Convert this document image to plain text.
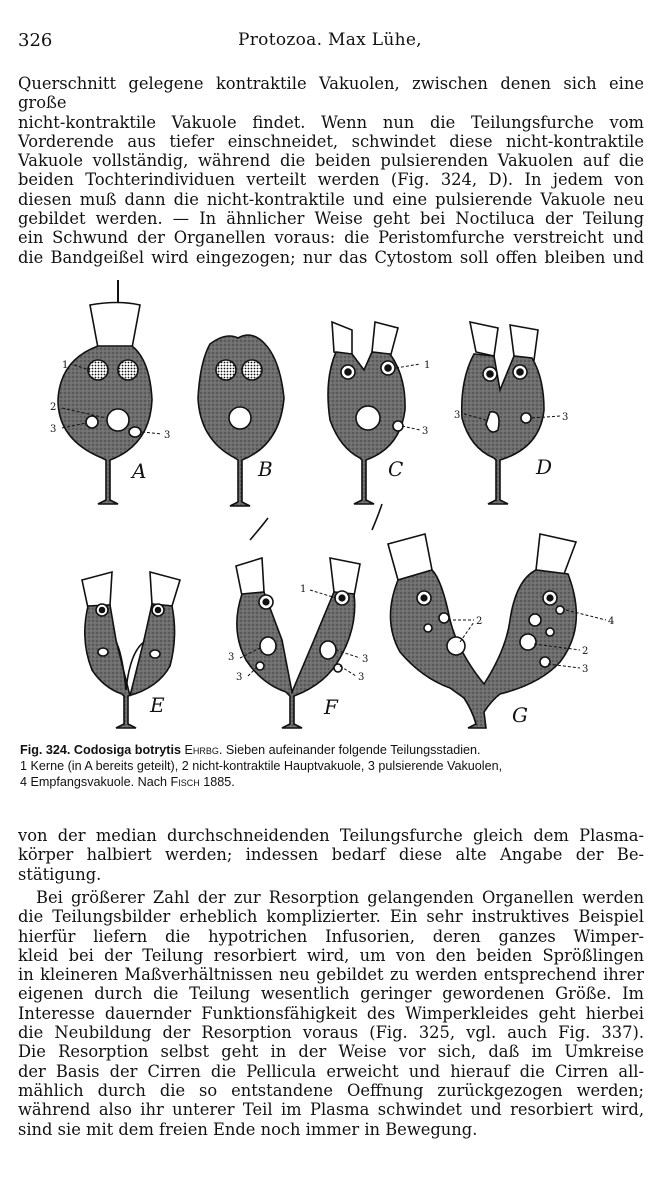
326	Protozoa. Max Lühe,
Querschnitt gelegene kontraktile Vakuolen, zwischen denen sich eine große
nicht-kontraktile Vakuole findet. Wenn nun die Teilungsfurche vom
Vorderende aus tiefer einschneidet, schwindet diese nicht-kontraktile
Vakuole vollständig, während die beiden pulsierenden Vakuolen auf die
beiden Tochterindividuen verteilt werden (Fig. 324, D). In jedem von
diesen muß dann die nicht-kontraktile und eine pulsierende Vakuole neu
gebildet werden. — In ähnlicher Weise geht bei Noctiluca der Teilung
ein Schwund der Organellen voraus: die Peristomfurche verstreicht und
die Bandgeißel wird eingezogen; nur das Cytostom soll offen bleiben und
1
2
3
3
1
3
3	3
1
3
3
3
3
2	4
2
3
A	B	C	D
E	F	G
Fig. 324. Codosiga botrytis Ehrbg. Sieben aufeinander folgende Teilungsstadien.
1 Kerne (in A bereits geteilt), 2 nicht-kontraktile Hauptvakuole, 3 pulsierende Vakuolen,
4 Empfangsvakuole. Nach Fisch 1885.
von der median durchschneidenden Teilungsfurche gleich dem Plasma-
körper halbiert werden; indessen bedarf diese alte Angabe der Be-
stätigung.
Bei größerer Zahl der zur Resorption gelangenden Organellen werden
die Teilungsbilder erheblich komplizierter. Ein sehr instruktives Beispiel
hierfür liefern die hypotrichen Infusorien, deren ganzes Wimper-
kleid bei der Teilung resorbiert wird, um von den beiden Sprößlingen
in kleineren Maßverhältnissen neu gebildet zu werden entsprechend ihrer
eigenen durch die Teilung wesentlich geringer gewordenen Größe. Im
Interesse dauernder Funktionsfähigkeit des Wimperkleides geht hierbei
die Neubildung der Resorption voraus (Fig. 325, vgl. auch Fig. 337).
Die Resorption selbst geht in der Weise vor sich, daß im Umkreise
der Basis der Cirren die Pellicula erweicht und hierauf die Cirren all-
mählich durch die so entstandene Oeffnung zurückgezogen werden;
während also ihr unterer Teil im Plasma schwindet und resorbiert wird,
sind sie mit dem freien Ende noch immer in Bewegung.
